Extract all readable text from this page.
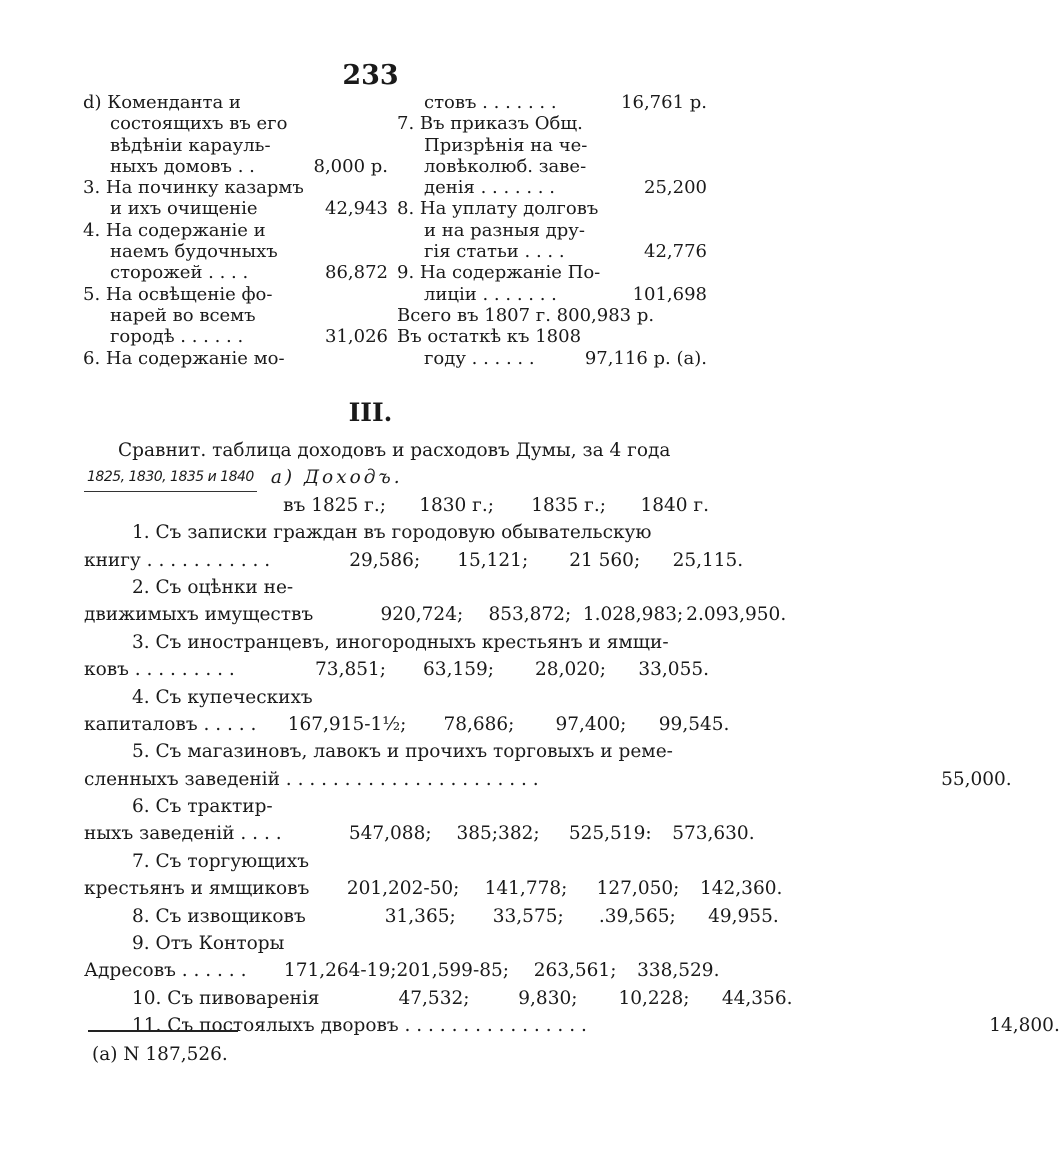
233
d) Коменданта и
состоящихъ въ его
вѣдѣніи карауль-
ныхъ домовъ . .	8,000 р.
3. На починку казармъ
и ихъ очищеніе	42,943
4. На содержаніе и
наемъ будочныхъ
сторожей . . . .	86,872
5. На освѣщеніе фо-
нарей во всемъ
городѣ . . . . . .	31,026
6. На содержаніе мо-
стовъ . . . . . . .	16,761 р.
7. Въ приказъ Общ.
Призрѣнія на че-
ловѣколюб. заве-
денія . . . . . . .	25,200
8. На уплату долговъ
и на разныя дру-
гія статьи . . . .	42,776
9. На содержаніе По-
лиціи . . . . . . .	101,698
Всего въ 1807 г. 800,983 р.
Въ остаткѣ къ 1808
году . . . . . .	97,116 р. (а).
III.
Сравнит. таблица доходовъ и расходовъ Думы, за 4 года
1825, 1830, 1835 и 1840 а) Доходъ.
въ 1825 г.;	1830 г.;	1835 г.;	1840 г.
1. Съ записки граждан въ городовую обывательскую
книгу . . . . . . . . . . .	29,586;	15,121;	21 560;	25,115.
2. Съ оцѣнки не-
движимыхъ имуществъ	920,724;	853,872; 1.028,983; 2.093,950.
3. Съ иностранцевъ, иногородныхъ крестьянъ и ямщи-
ковъ . . . . . . . . .	73,851;	63,159;	28,020;	33,055.
4. Съ купеческихъ
капиталовъ . . . . .	167,915-1½;	78,686;	97,400;	99,545.
5. Съ магазиновъ, лавокъ и прочихъ торговыхъ и реме-
сленныхъ заведеній . . . . . . . . . . . . . . . . . . . . . .	55,000.
6. Съ трактир-
ныхъ заведеній . . . .	547,088;	385;382;	525,519:	573,630.
7. Съ торгующихъ
крестьянъ и ямщиковъ	201,202-50;	141,778;	127,050;	142,360.
8. Съ извощиковъ	31,365;	33,575;	.39,565;	49,955.
9. Отъ Конторы
Адресовъ . . . . . .	171,264-19; 201,599-85;	263,561;	338,529.
10. Съ пивоваренія	47,532;	9,830;	10,228;	44,356.
11. Съ постоялыхъ дворовъ . . . . . . . . . . . . . . . .	14,800.
(а) N 187,526.
